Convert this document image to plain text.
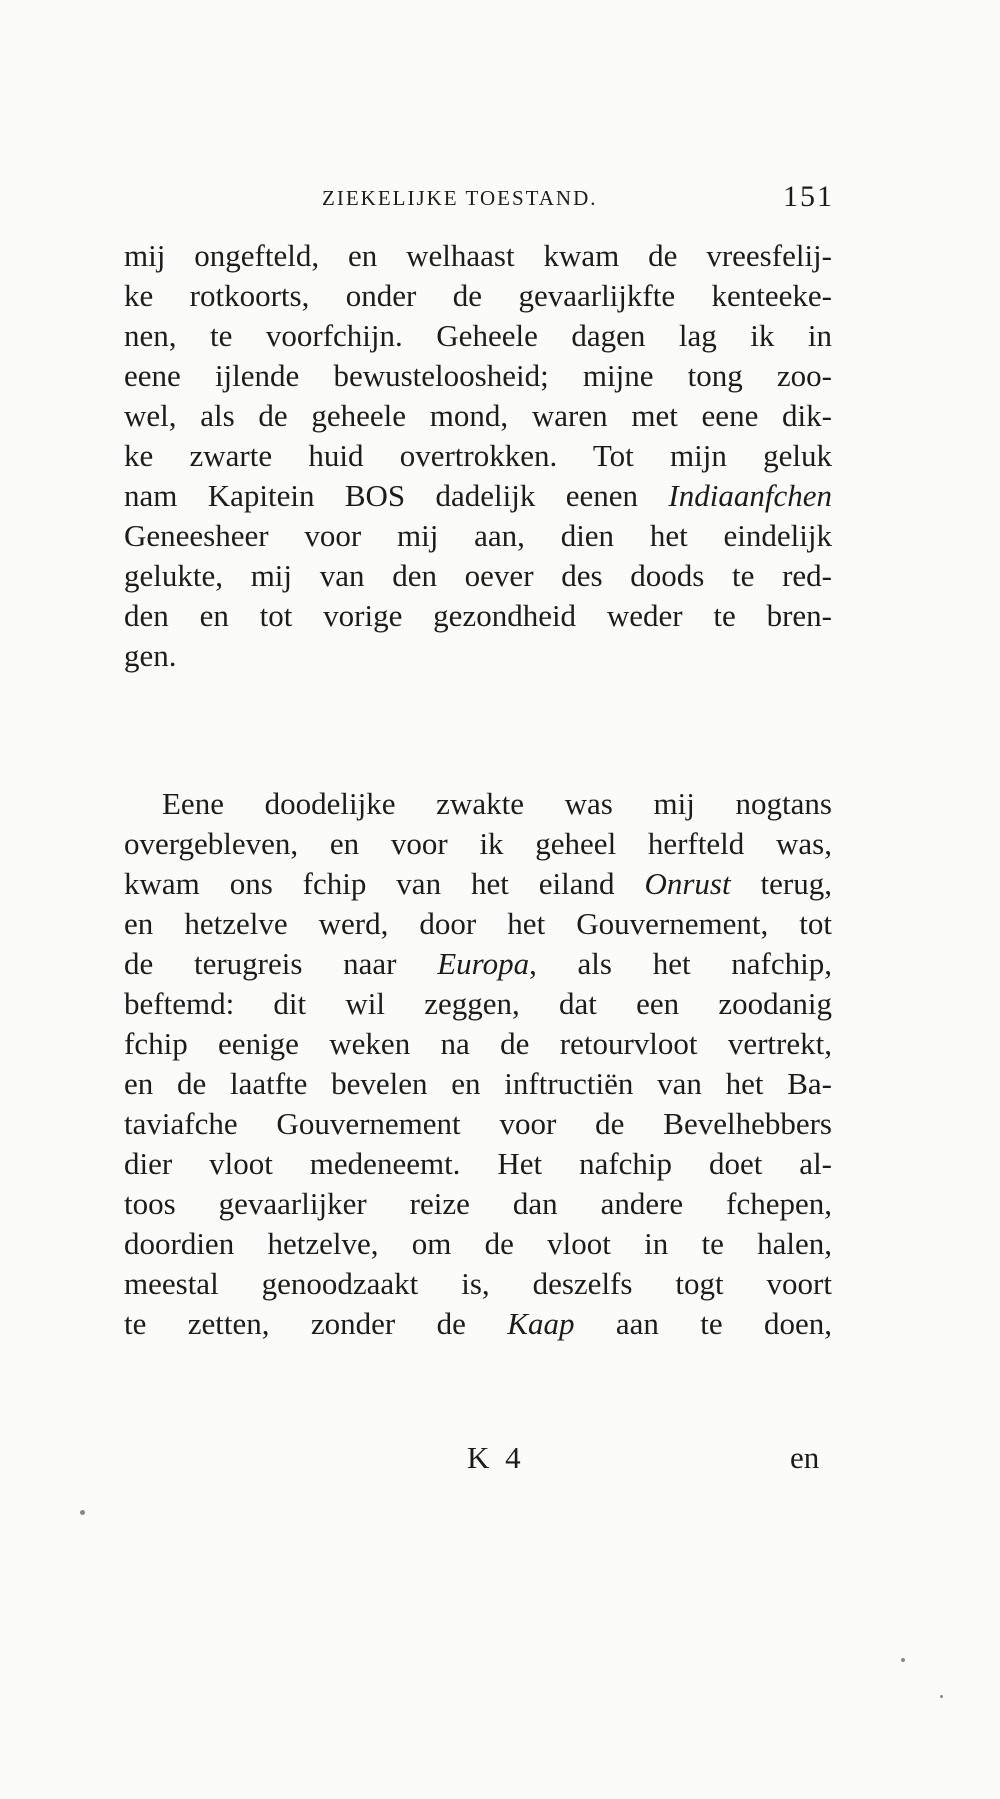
ZIEKELIJKE TOESTAND.	151
mij ongefteld, en welhaast kwam de vreesfelij-
ke rotkoorts, onder de gevaarlijkfte kenteeke-
nen, te voorfchijn. Geheele dagen lag ik in
eene ijlende bewusteloosheid; mijne tong zoo-
wel, als de geheele mond, waren met eene dik-
ke zwarte huid overtrokken. Tot mijn geluk
nam Kapitein BOS dadelijk eenen Indiaanfchen
Geneesheer voor mij aan, dien het eindelijk
gelukte, mij van den oever des doods te red-
den en tot vorige gezondheid weder te bren-
gen.
Eene doodelijke zwakte was mij nogtans
overgebleven, en voor ik geheel herfteld was,
kwam ons fchip van het eiland Onrust terug,
en hetzelve werd, door het Gouvernement, tot
de terugreis naar Europa, als het nafchip,
beftemd: dit wil zeggen, dat een zoodanig
fchip eenige weken na de retourvloot vertrekt,
en de laatfte bevelen en inftructiën van het Ba-
taviafche Gouvernement voor de Bevelhebbers
dier vloot medeneemt. Het nafchip doet al-
toos gevaarlijker reize dan andere fchepen,
doordien hetzelve, om de vloot in te halen,
meestal genoodzaakt is, deszelfs togt voort
te zetten, zonder de Kaap aan te doen,
K 4	en
